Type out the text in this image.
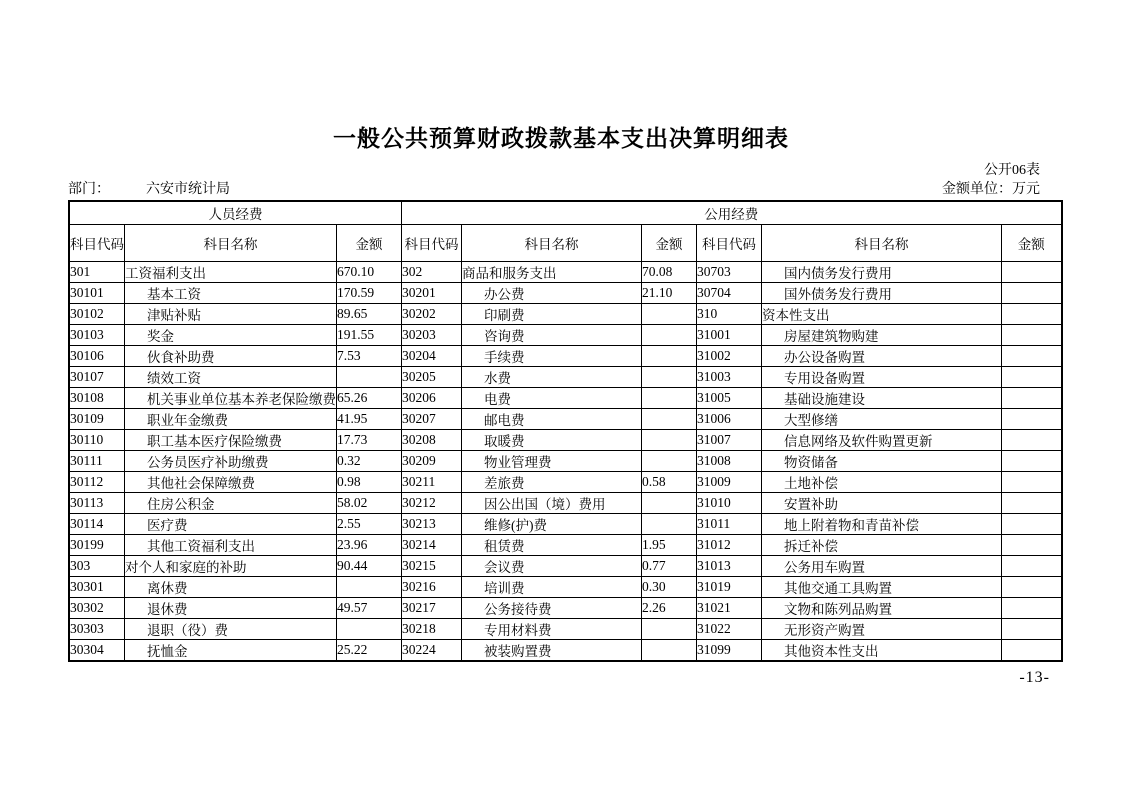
一般公共预算财政拨款基本支出决算明细表
公开06表
部门：	六安市统计局	金额单位：万元
人员经费			公用经费					
科目代码	科目名称	金额	科目代码	科目名称	金额	科目代码	科目名称	金额
301	工资福利支出	670.10	302	商品和服务支出	70.08	30703	国内债务发行费用	
30101	基本工资	170.59	30201	办公费	21.10	30704	国外债务发行费用	
30102	津贴补贴	89.65	30202	印刷费		310	资本性支出	
30103	奖金	191.55	30203	咨询费		31001	房屋建筑物购建	
30106	伙食补助费	7.53	30204	手续费		31002	办公设备购置	
30107	绩效工资		30205	水费		31003	专用设备购置	
30108	机关事业单位基本养老保险缴费	65.26	30206	电费		31005	基础设施建设	
30109	职业年金缴费	41.95	30207	邮电费		31006	大型修缮	
30110	职工基本医疗保险缴费	17.73	30208	取暖费		31007	信息网络及软件购置更新	
30111	公务员医疗补助缴费	0.32	30209	物业管理费		31008	物资储备	
30112	其他社会保障缴费	0.98	30211	差旅费	0.58	31009	土地补偿	
30113	住房公积金	58.02	30212	因公出国（境）费用		31010	安置补助	
30114	医疗费	2.55	30213	维修(护)费		31011	地上附着物和青苗补偿	
30199	其他工资福利支出	23.96	30214	租赁费	1.95	31012	拆迁补偿	
303	对个人和家庭的补助	90.44	30215	会议费	0.77	31013	公务用车购置	
30301	离休费		30216	培训费	0.30	31019	其他交通工具购置	
30302	退休费	49.57	30217	公务接待费	2.26	31021	文物和陈列品购置	
30303	退职（役）费		30218	专用材料费		31022	无形资产购置	
30304	抚恤金	25.22	30224	被装购置费		31099	其他资本性支出	
-13-
